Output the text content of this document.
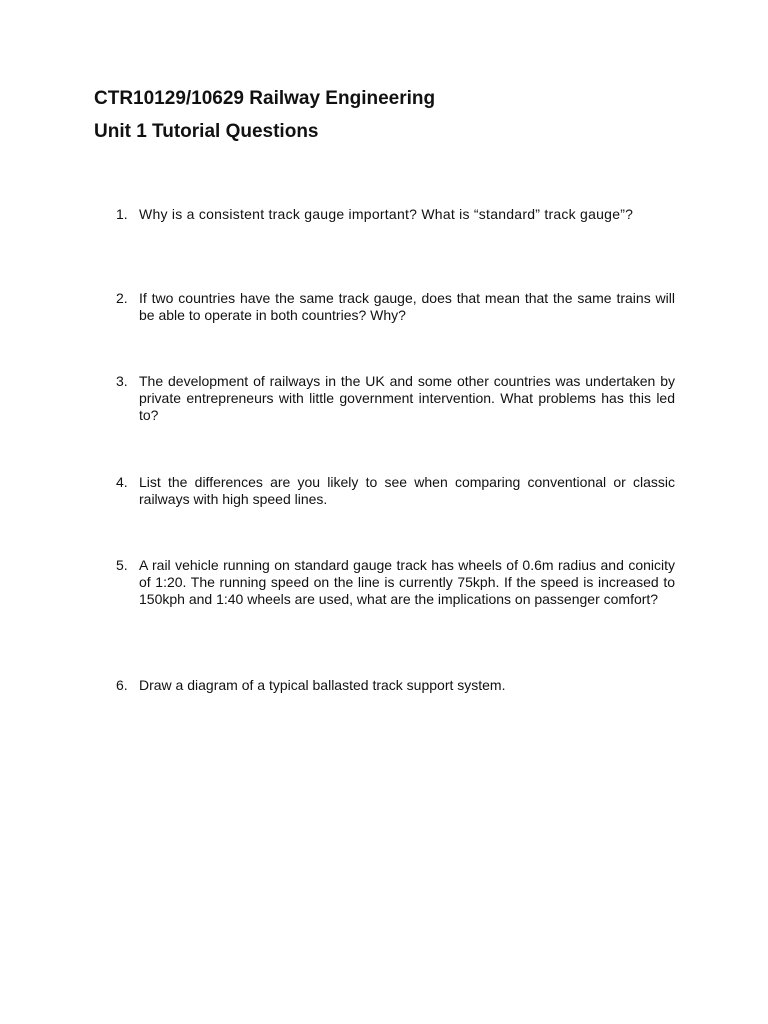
CTR10129/10629 Railway Engineering
Unit 1 Tutorial Questions
1. Why is a consistent track gauge important? What is “standard” track gauge”?
2. If two countries have the same track gauge, does that mean that the same trains will be able to operate in both countries? Why?
3. The development of railways in the UK and some other countries was undertaken by private entrepreneurs with little government intervention. What problems has this led to?
4. List the differences are you likely to see when comparing conventional or classic railways with high speed lines.
5. A rail vehicle running on standard gauge track has wheels of 0.6m radius and conicity of 1:20. The running speed on the line is currently 75kph. If the speed is increased to 150kph and 1:40 wheels are used, what are the implications on passenger comfort?
6. Draw a diagram of a typical ballasted track support system.
